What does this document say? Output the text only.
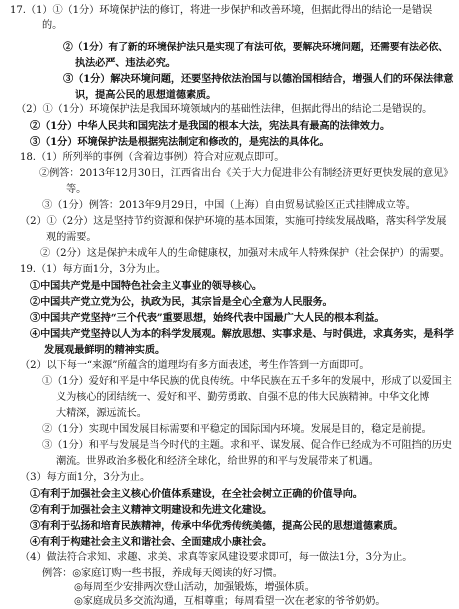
17.（1）①（1分）环境保护法的修订，将进一步保护和改善环境，但据此得出的结论一是错误
的。
②（1分）有了新的环境保护法只是实现了有法可依，要解决环境问题，还需要有法必依、
执法必严、违法必究。
③（1分）解决环境问题，还要坚持依法治国与以德治国相结合，增强人们的环保法律意
识，提高公民的思想道德素质。
（2）①（1分）环境保护法是我国环境领域内的基础性法律，但据此得出的结论二是错误的。
②（1分）中华人民共和国宪法才是我国的根本大法，宪法具有最高的法律效力。
③（1分）环境保护法是根据宪法制定和修改的，是宪法的具体化。
18.（1）所列举的事例（含着边事例）符合对应观点即可。
②例答：2013年12月30日，江西省出台《关于大力促进非公有制经济更好更快发展的意见》
等。
③（1分）例答：2013年9月29日，中国（上海）自由贸易试验区正式挂牌成立等。
（2）①（2分）这是坚持节约资源和保护环境的基本国策，实施可持续发展战略，落实科学发展
观的需要。
②（2分）这是保护未成年人的生命健康权，加强对未成年人特殊保护（社会保护）的需要。
19.（1）每方面1分，3分为止。
①中国共产党是中国特色社会主义事业的领导核心。
②中国共产党立党为公，执政为民，其宗旨是全心全意为人民服务。
③中国共产党坚持“三个代表”重要思想，始终代表中国最广大人民的根本利益。
④中国共产党坚持以人为本的科学发展观。解放思想、实事求是、与时俱进，求真务实，是科学
发展观最鲜明的精神实质。
（2）以下每一“来源”所蕴含的道理均有多方面表述，考生作答到一方面即可。
①（1分）爱好和平是中华民族的优良传统。中华民族在五千多年的发展中，形成了以爱国主
义为核心的团结统一、爱好和平、勤劳勇敢、自强不息的伟大民族精神。中华文化博
大精深，源远流长。
②（1分）实现中国发展目标需要和平稳定的国际国内环境。发展是目的，稳定是前提。
③（1分）和平与发展是当今时代的主题。求和平、谋发展、促合作已经成为不可阻挡的历史
潮流。世界政治多极化和经济全球化，给世界的和平与发展带来了机遇。
（3）每方面1分，3分为止。
①有利于加强社会主义核心价值体系建设，在全社会树立正确的价值导向。
②有利于加强社会主义精神文明建设和先进文化建设。
③有利于弘扬和培育民族精神，传承中华优秀传统美德，提高公民的思想道德素质。
④有利于构建社会主义和谐社会、全面建成小康社会。
（4）做法符合求知、求趣、求美、求真等家风建设要求即可，每一做法1分，3分为止。
例答：◎家庭订购一些书报，养成每天阅读的好习惯。
◎每周至少安排两次登山活动，加强锻炼，增强体质。
◎家庭成员多交流沟通，互相尊重；每周看望一次在老家的爷爷奶奶。
